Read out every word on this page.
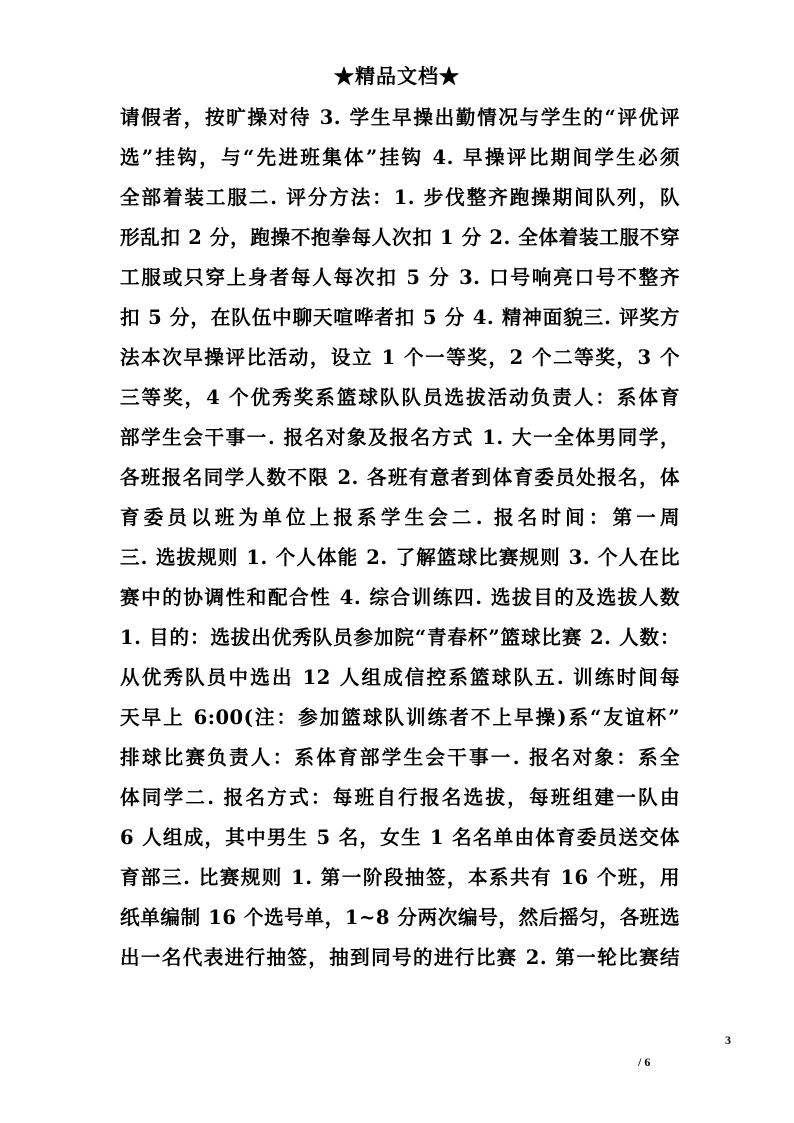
★精品文档★
请假者，按旷操对待 3. 学生早操出勤情况与学生的“评优评
选”挂钩，与“先进班集体”挂钩 4. 早操评比期间学生必须
全部着装工服二. 评分方法：1. 步伐整齐跑操期间队列，队
形乱扣 2 分，跑操不抱拳每人次扣 1 分 2. 全体着装工服不穿
工服或只穿上身者每人每次扣 5 分 3. 口号响亮口号不整齐
扣 5 分，在队伍中聊天喧哗者扣 5 分 4. 精神面貌三. 评奖方
法本次早操评比活动，设立 1 个一等奖，2 个二等奖，3 个
三等奖，4 个优秀奖系篮球队队员选拔活动负责人：系体育
部学生会干事一. 报名对象及报名方式 1. 大一全体男同学，
各班报名同学人数不限 2. 各班有意者到体育委员处报名，体
育委员以班为单位上报系学生会二. 报名时间：第一周
三. 选拔规则 1. 个人体能 2. 了解篮球比赛规则 3. 个人在比
赛中的协调性和配合性 4. 综合训练四. 选拔目的及选拔人数
1. 目的：选拔出优秀队员参加院“青春杯”篮球比赛 2. 人数：
从优秀队员中选出 12 人组成信控系篮球队五. 训练时间每
天早上 6:00(注：参加篮球队训练者不上早操)系“友谊杯”
排球比赛负责人：系体育部学生会干事一. 报名对象：系全
体同学二. 报名方式：每班自行报名选拔，每班组建一队由
6 人组成，其中男生 5 名，女生 1 名名单由体育委员送交体
育部三. 比赛规则 1. 第一阶段抽签，本系共有 16 个班，用
纸单编制 16 个选号单，1~8 分两次编号，然后摇匀，各班选
出一名代表进行抽签，抽到同号的进行比赛 2. 第一轮比赛结
3
/ 6
